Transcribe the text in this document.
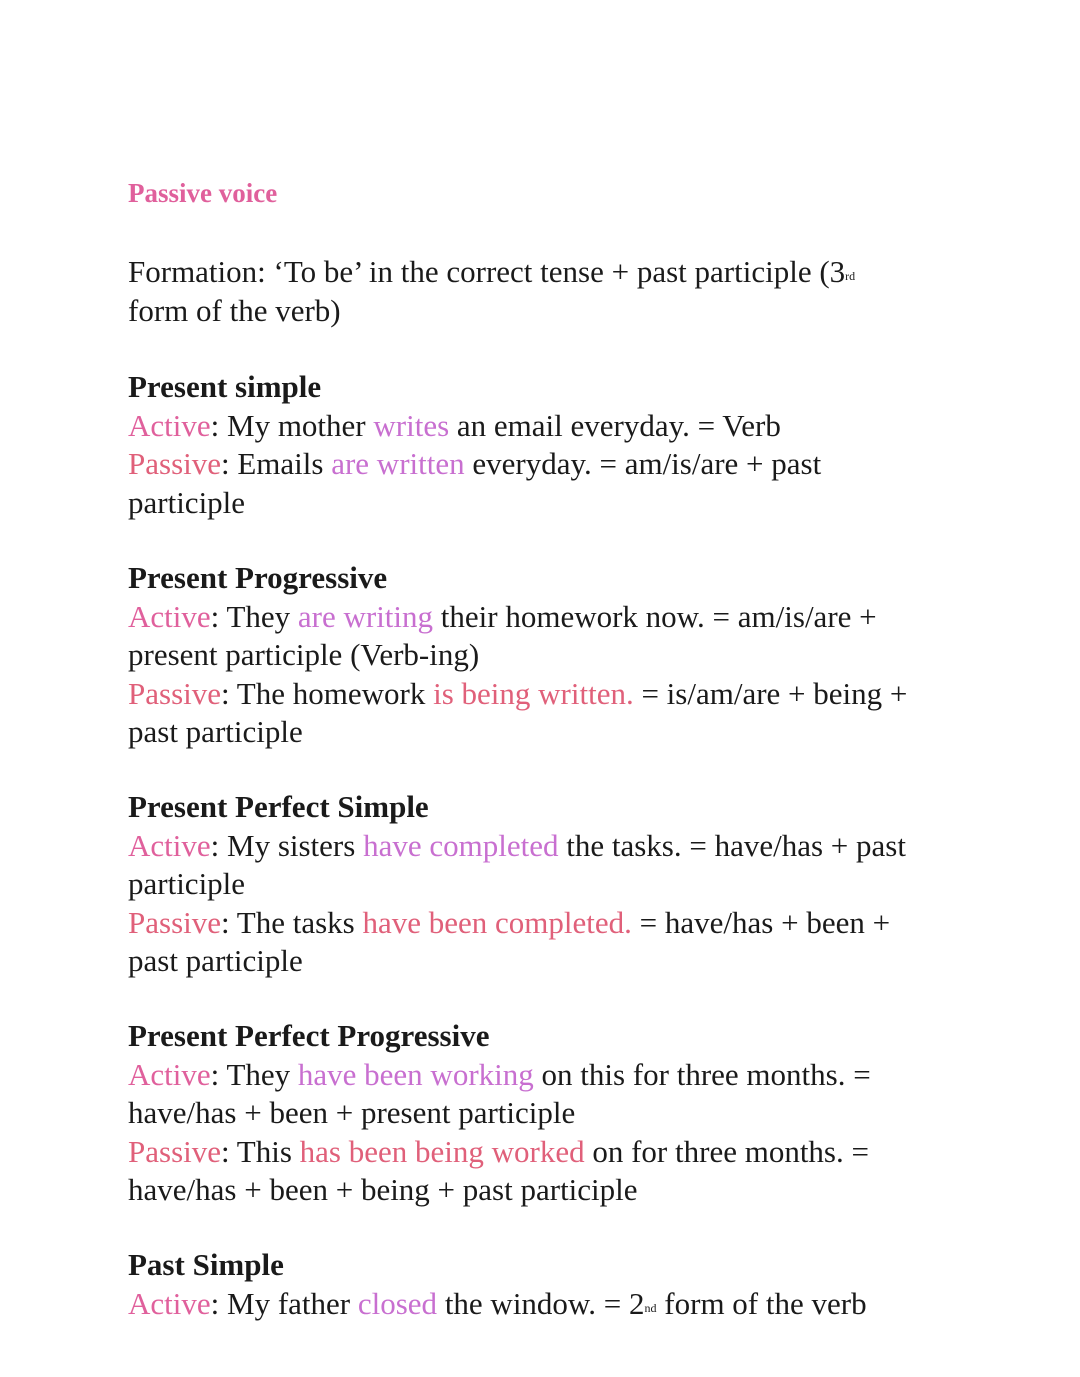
Passive voice
Formation: ‘To be’ in the correct tense + past participle (3rd
form of the verb)
Present simple
Active: My mother writes an email everyday. = Verb
Passive: Emails are written everyday. = am/is/are + past
participle
Present Progressive
Active: They are writing their homework now. = am/is/are +
present participle (Verb-ing)
Passive: The homework is being written. = is/am/are + being +
past participle
Present Perfect Simple
Active: My sisters have completed the tasks. = have/has + past
participle
Passive: The tasks have been completed. = have/has + been +
past participle
Present Perfect Progressive
Active: They have been working on this for three months. =
have/has + been + present participle
Passive: This has been being worked on for three months. =
have/has + been + being + past participle
Past Simple
Active: My father closed the window. = 2nd form of the verb
